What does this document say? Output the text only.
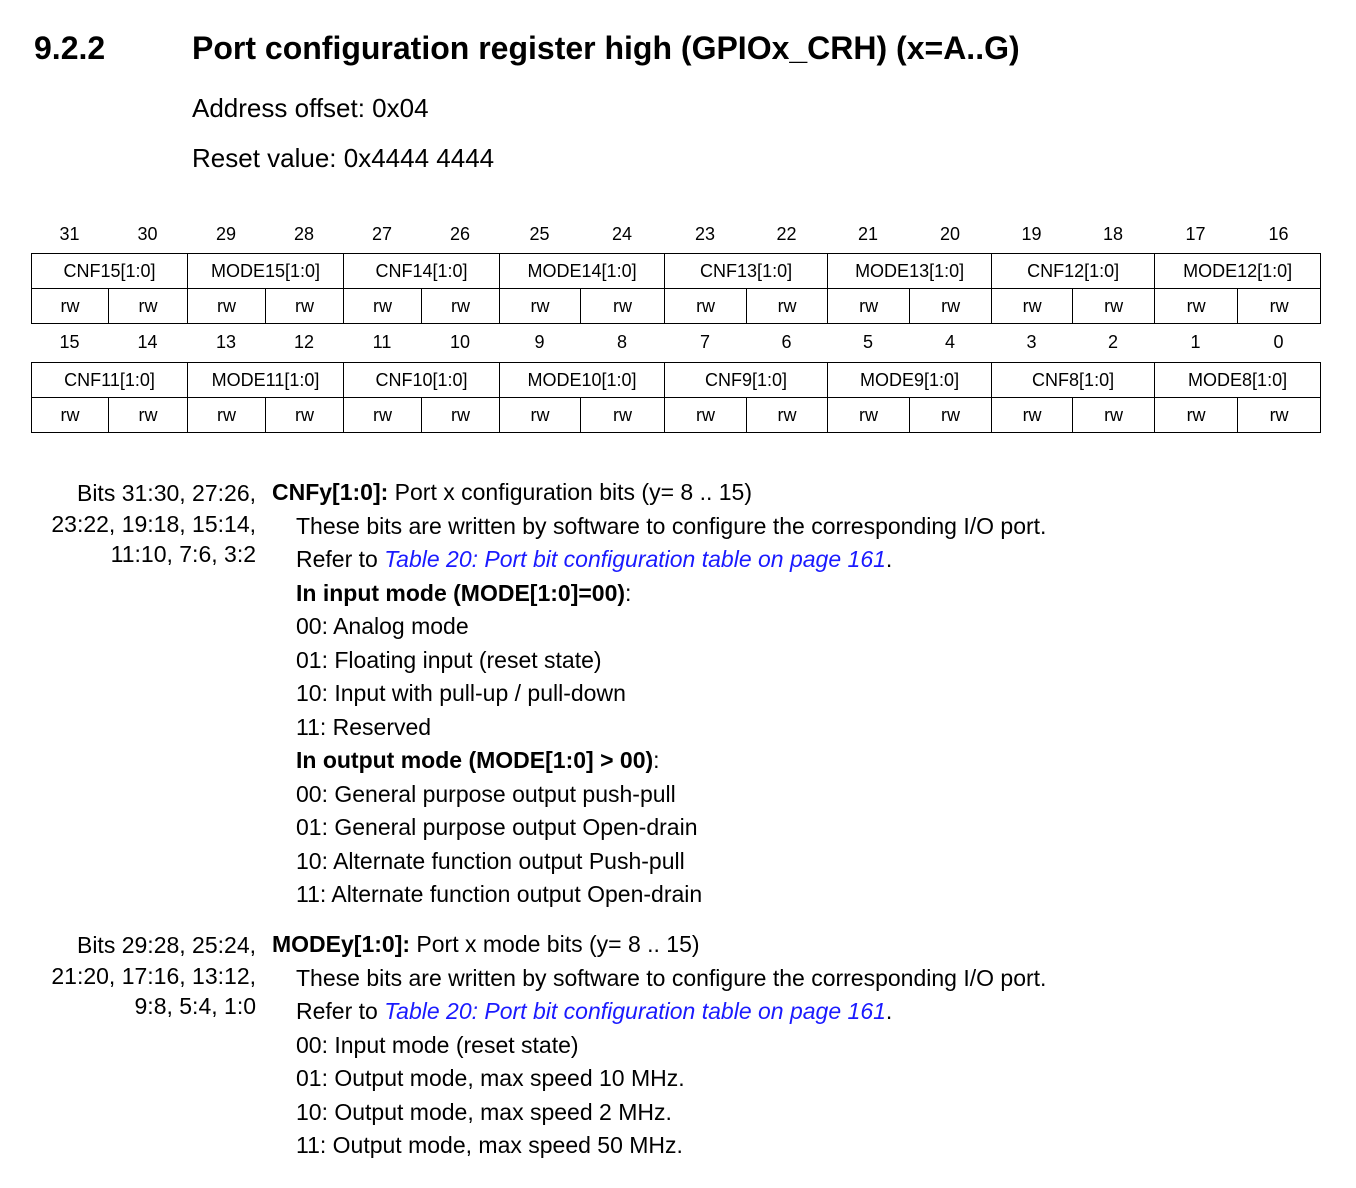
9.2.2	Port configuration register high (GPIOx_CRH) (x=A..G)
Address offset: 0x04
Reset value: 0x4444 4444
31	30	29	28	27	26	25	24	23	22	21	20	19	18	17	16
CNF15[1:0]		MODE15[1:0]		CNF14[1:0]		MODE14[1:0]		CNF13[1:0]		MODE13[1:0]		CNF12[1:0]		MODE12[1:0]	
rw	rw	rw	rw	rw	rw	rw	rw	rw	rw	rw	rw	rw	rw	rw	rw
15	14	13	12	11	10	9	8	7	6	5	4	3	2	1	0
CNF11[1:0]		MODE11[1:0]		CNF10[1:0]		MODE10[1:0]		CNF9[1:0]		MODE9[1:0]		CNF8[1:0]		MODE8[1:0]	
rw	rw	rw	rw	rw	rw	rw	rw	rw	rw	rw	rw	rw	rw	rw	rw
Bits 31:30, 27:26,
23:22, 19:18, 15:14,
11:10, 7:6, 3:2
CNFy[1:0]: Port x configuration bits (y= 8 .. 15)
These bits are written by software to configure the corresponding I/O port.
Refer to Table 20: Port bit configuration table on page 161.
In input mode (MODE[1:0]=00):
00: Analog mode
01: Floating input (reset state)
10: Input with pull-up / pull-down
11: Reserved
In output mode (MODE[1:0] > 00):
00: General purpose output push-pull
01: General purpose output Open-drain
10: Alternate function output Push-pull
11: Alternate function output Open-drain
Bits 29:28, 25:24,
21:20, 17:16, 13:12,
9:8, 5:4, 1:0
MODEy[1:0]: Port x mode bits (y= 8 .. 15)
These bits are written by software to configure the corresponding I/O port.
Refer to Table 20: Port bit configuration table on page 161.
00: Input mode (reset state)
01: Output mode, max speed 10 MHz.
10: Output mode, max speed 2 MHz.
11: Output mode, max speed 50 MHz.
